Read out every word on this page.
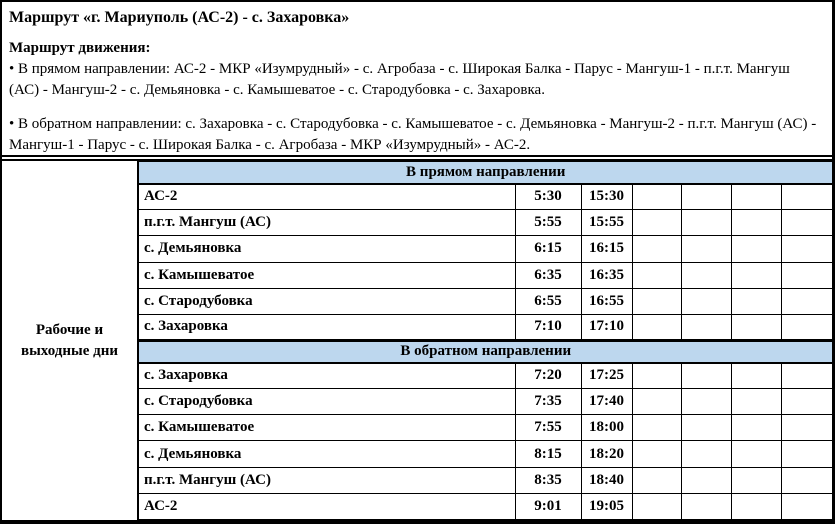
Маршрут «г. Мариуполь (АС-2) - с. Захаровка»
Маршрут движения:
• В прямом направлении: АС-2 - МКР «Изумрудный» - с. Агробаза - с. Широкая Балка - Парус - Мангуш-1 - п.г.т. Мангуш (АС) - Мангуш-2 - с. Демьяновка - с. Камышеватое - с. Стародубовка - с. Захаровка.
• В обратном направлении: с. Захаровка - с. Стародубовка - с. Камышеватое - с. Демьяновка - Мангуш-2 - п.г.т. Мангуш (АС) - Мангуш-1 - Парус - с. Широкая Балка - с. Агробаза - МКР «Изумрудный» - АС-2.
Рабочие и
выходные дни	В прямом направлении						
	АС-2	5:30	15:30				
	п.г.т. Мангуш (АС)	5:55	15:55				
	с. Демьяновка	6:15	16:15				
	с. Камышеватое	6:35	16:35				
	с. Стародубовка	6:55	16:55				
	с. Захаровка	7:10	17:10				
	В обратном направлении						
	с. Захаровка	7:20	17:25				
	с. Стародубовка	7:35	17:40				
	с. Камышеватое	7:55	18:00				
	с. Демьяновка	8:15	18:20				
	п.г.т. Мангуш (АС)	8:35	18:40				
	АС-2	9:01	19:05				
